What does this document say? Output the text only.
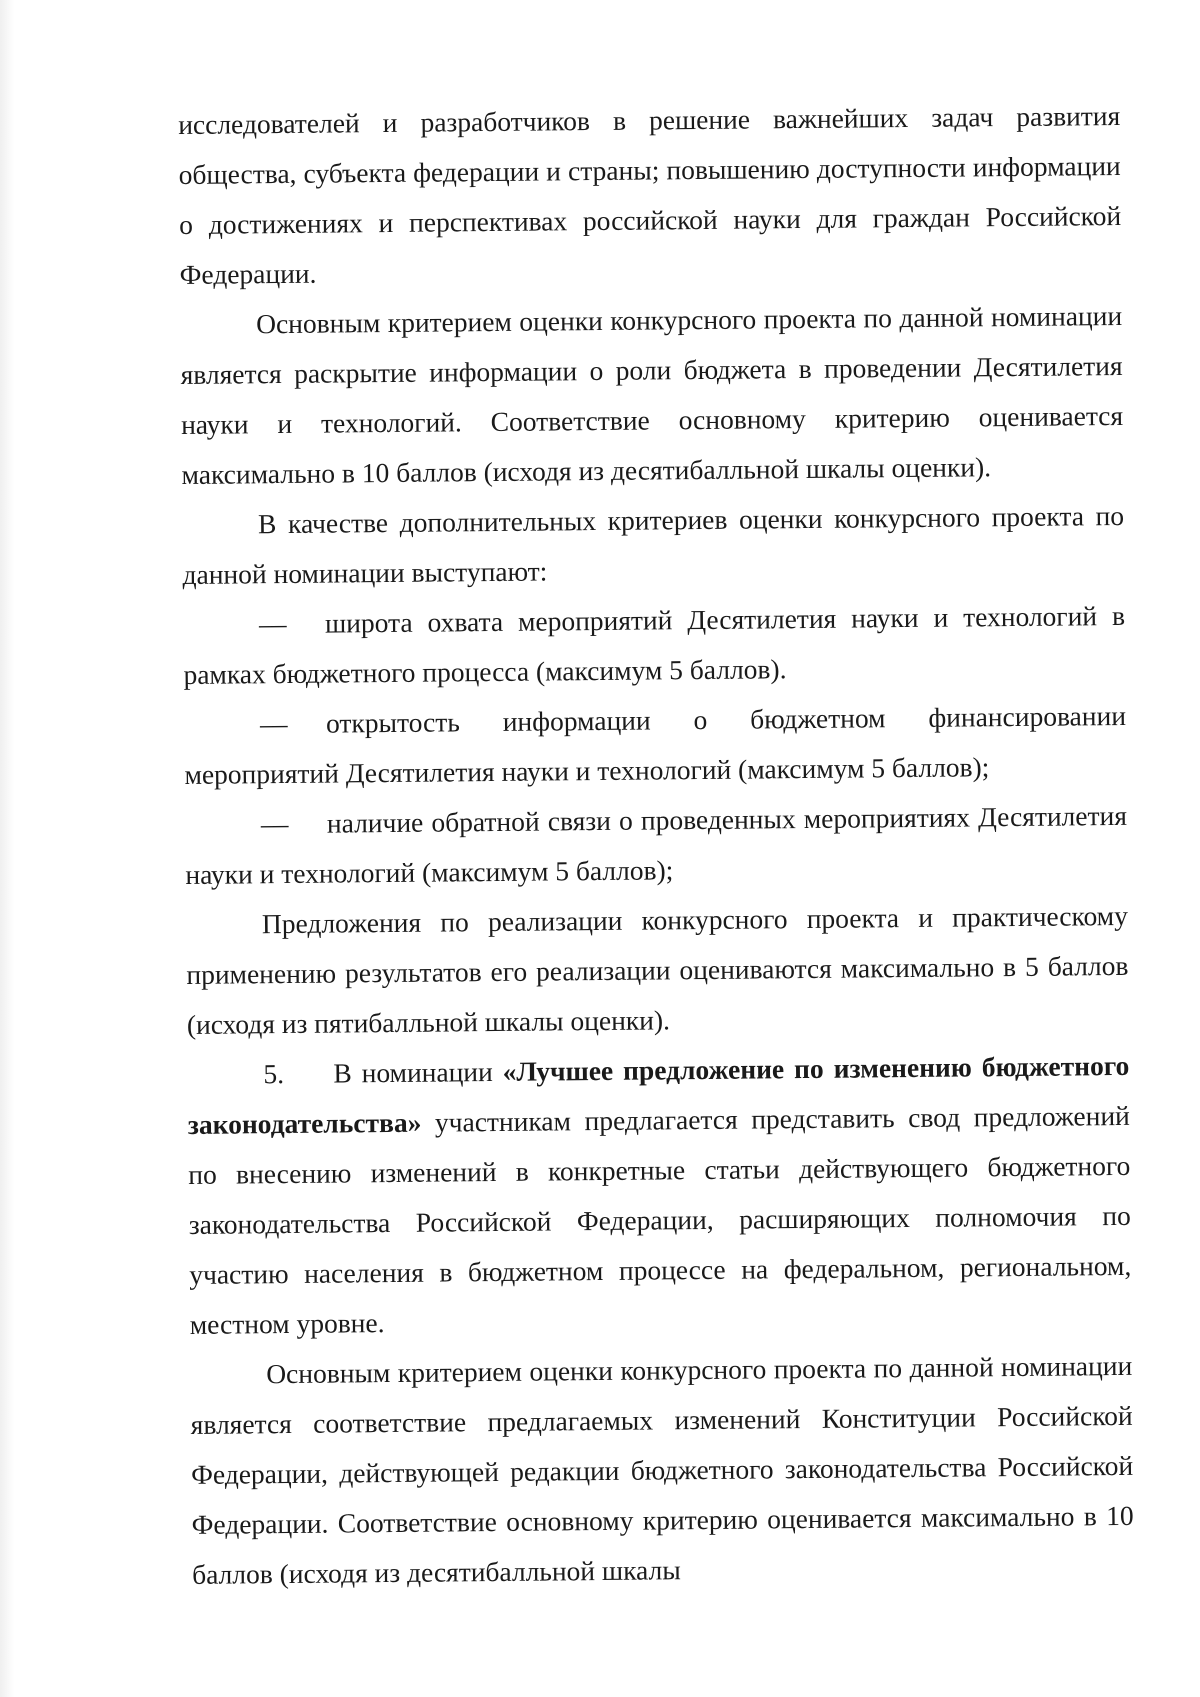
исследователей и разработчиков в решение важнейших задач развития общества, субъекта федерации и страны; повышению доступности информации о достижениях и перспективах российской науки для граждан Российской Федерации.

Основным критерием оценки конкурсного проекта по данной номинации является раскрытие информации о роли бюджета в проведении Десятилетия науки и технологий. Соответствие основному критерию оценивается максимально в 10 баллов (исходя из десятибалльной шкалы оценки).

В качестве дополнительных критериев оценки конкурсного проекта по данной номинации выступают:

— широта охвата мероприятий Десятилетия науки и технологий в рамках бюджетного процесса (максимум 5 баллов).

— открытость информации о бюджетном финансировании мероприятий Десятилетия науки и технологий (максимум 5 баллов);

— наличие обратной связи о проведенных мероприятиях Десятилетия науки и технологий (максимум 5 баллов);

Предложения по реализации конкурсного проекта и практическому применению результатов его реализации оцениваются максимально в 5 баллов (исходя из пятибалльной шкалы оценки).

5. В номинации «Лучшее предложение по изменению бюджетного законодательства» участникам предлагается представить свод предложений по внесению изменений в конкретные статьи действующего бюджетного законодательства Российской Федерации, расширяющих полномочия по участию населения в бюджетном процессе на федеральном, региональном, местном уровне.

Основным критерием оценки конкурсного проекта по данной номинации является соответствие предлагаемых изменений Конституции Российской Федерации, действующей редакции бюджетного законодательства Российской Федерации. Соответствие основному критерию оценивается максимально в 10 баллов (исходя из десятибалльной шкалы
